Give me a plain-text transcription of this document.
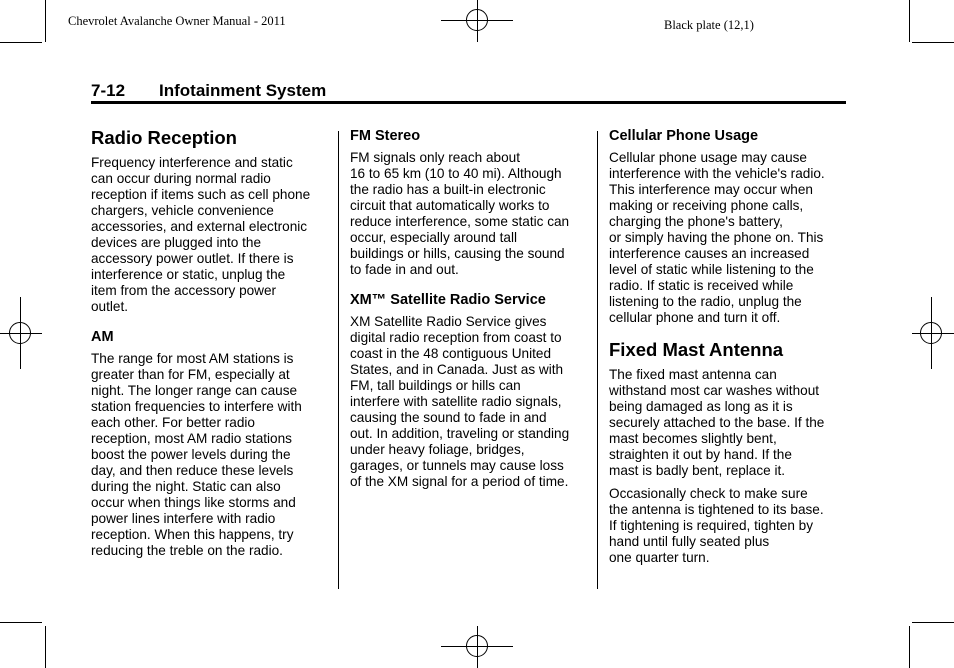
Chevrolet Avalanche Owner Manual - 2011	Black plate (12,1)
7-12 Infotainment System
Radio Reception

Frequency interference and static
can occur during normal radio
reception if items such as cell phone
chargers, vehicle convenience
accessories, and external electronic
devices are plugged into the
accessory power outlet. If there is
interference or static, unplug the
item from the accessory power
outlet.

AM

The range for most AM stations is
greater than for FM, especially at
night. The longer range can cause
station frequencies to interfere with
each other. For better radio
reception, most AM radio stations
boost the power levels during the
day, and then reduce these levels
during the night. Static can also
occur when things like storms and
power lines interfere with radio
reception. When this happens, try
reducing the treble on the radio.

FM Stereo

FM signals only reach about
16 to 65 km (10 to 40 mi). Although
the radio has a built-in electronic
circuit that automatically works to
reduce interference, some static can
occur, especially around tall
buildings or hills, causing the sound
to fade in and out.

XM™ Satellite Radio Service

XM Satellite Radio Service gives
digital radio reception from coast to
coast in the 48 contiguous United
States, and in Canada. Just as with
FM, tall buildings or hills can
interfere with satellite radio signals,
causing the sound to fade in and
out. In addition, traveling or standing
under heavy foliage, bridges,
garages, or tunnels may cause loss
of the XM signal for a period of time.

Cellular Phone Usage

Cellular phone usage may cause
interference with the vehicle's radio.
This interference may occur when
making or receiving phone calls,
charging the phone's battery,
or simply having the phone on. This
interference causes an increased
level of static while listening to the
radio. If static is received while
listening to the radio, unplug the
cellular phone and turn it off.

Fixed Mast Antenna

The fixed mast antenna can
withstand most car washes without
being damaged as long as it is
securely attached to the base. If the
mast becomes slightly bent,
straighten it out by hand. If the
mast is badly bent, replace it.

Occasionally check to make sure
the antenna is tightened to its base.
If tightening is required, tighten by
hand until fully seated plus
one quarter turn.
